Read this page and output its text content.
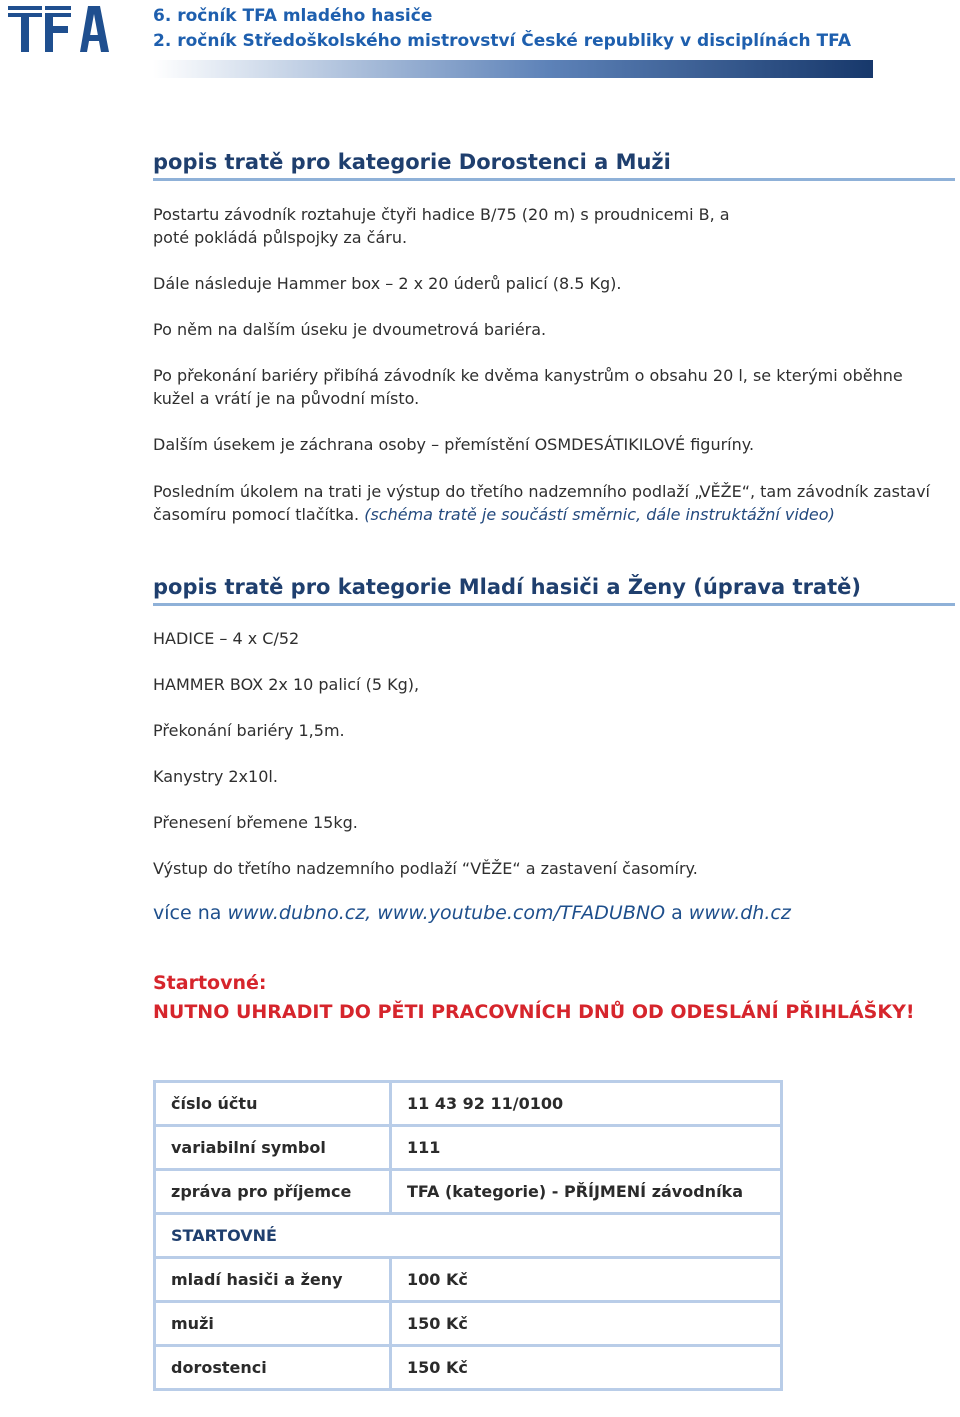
6. ročník TFA mladého hasiče
2. ročník Středoškolského mistrovství České republiky v disciplínách TFA
popis tratě pro kategorie Dorostenci a Muži

Postartu závodník roztahuje čtyři hadice B/75 (20 m) s proudnicemi B, a poté pokládá půlspojky za čáru.

Dále následuje Hammer box – 2 x 20 úderů palicí (8.5 Kg).

Po něm na dalším úseku je dvoumetrová bariéra.

Po překonání bariéry přibíhá závodník ke dvěma kanystrům o obsahu 20 l, se kterými oběhne kužel a vrátí je na původní místo.

Dalším úsekem je záchrana osoby – přemístění OSMDESÁTIKILOVÉ figuríny.

Posledním úkolem na trati je výstup do třetího nadzemního podlaží „VĚŽE“, tam závodník zastaví časomíru pomocí tlačítka. (schéma tratě je součástí směrnic, dále instruktážní video)

popis tratě pro kategorie Mladí hasiči a Ženy (úprava tratě)

HADICE – 4 x C/52

HAMMER BOX 2x 10 palicí (5 Kg),

Překonání bariéry 1,5m.

Kanystry 2x10l.

Přenesení břemene 15kg.

Výstup do třetího nadzemního podlaží “VĚŽE“ a zastavení časomíry.

více na www.dubno.cz, www.youtube.com/TFADUBNO a www.dh.cz

Startovné:

NUTNO UHRADIT DO PĚTI PRACOVNÍCH DNŮ OD ODESLÁNÍ PŘIHLÁŠKY!

číslo účtu	11 43 92 11/0100
variabilní symbol	111
zpráva pro příjemce	TFA (kategorie) - PŘÍJMENÍ závodníka
STARTOVNÉ	
mladí hasiči a ženy	100 Kč
muži	150 Kč
dorostenci	150 Kč
